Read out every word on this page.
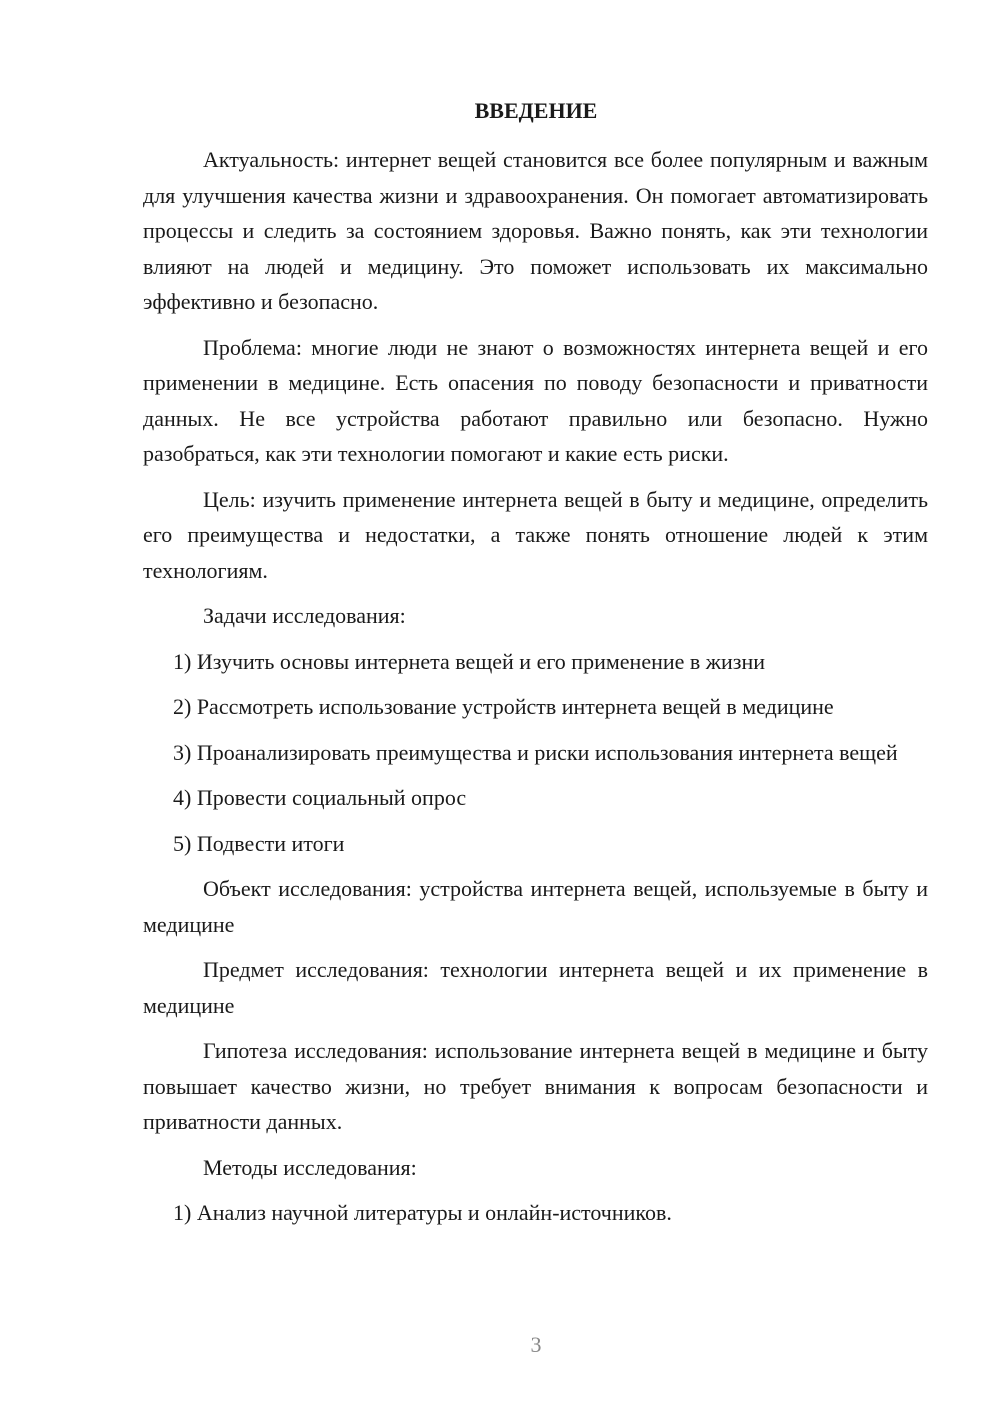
ВВЕДЕНИЕ

Актуальность: интернет вещей становится все более популярным и важным для улучшения качества жизни и здравоохранения. Он помогает автоматизировать процессы и следить за состоянием здоровья. Важно понять, как эти технологии влияют на людей и медицину. Это поможет использовать их максимально эффективно и безопасно.

Проблема: многие люди не знают о возможностях интернета вещей и его применении в медицине. Есть опасения по поводу безопасности и приватности данных. Не все устройства работают правильно или безопасно. Нужно разобраться, как эти технологии помогают и какие есть риски.

Цель: изучить применение интернета вещей в быту и медицине, определить его преимущества и недостатки, а также понять отношение людей к этим технологиям.

Задачи исследования:

1) Изучить основы интернета вещей и его применение в жизни

2) Рассмотреть использование устройств интернета вещей в медицине

3) Проанализировать преимущества и риски использования интернета вещей

4) Провести социальный опрос

5) Подвести итоги

Объект исследования: устройства интернета вещей, используемые в быту и медицине

Предмет исследования: технологии интернета вещей и их применение в медицине

Гипотеза исследования: использование интернета вещей в медицине и быту повышает качество жизни, но требует внимания к вопросам безопасности и приватности данных.

Методы исследования:

1) Анализ научной литературы и онлайн-источников.

3
